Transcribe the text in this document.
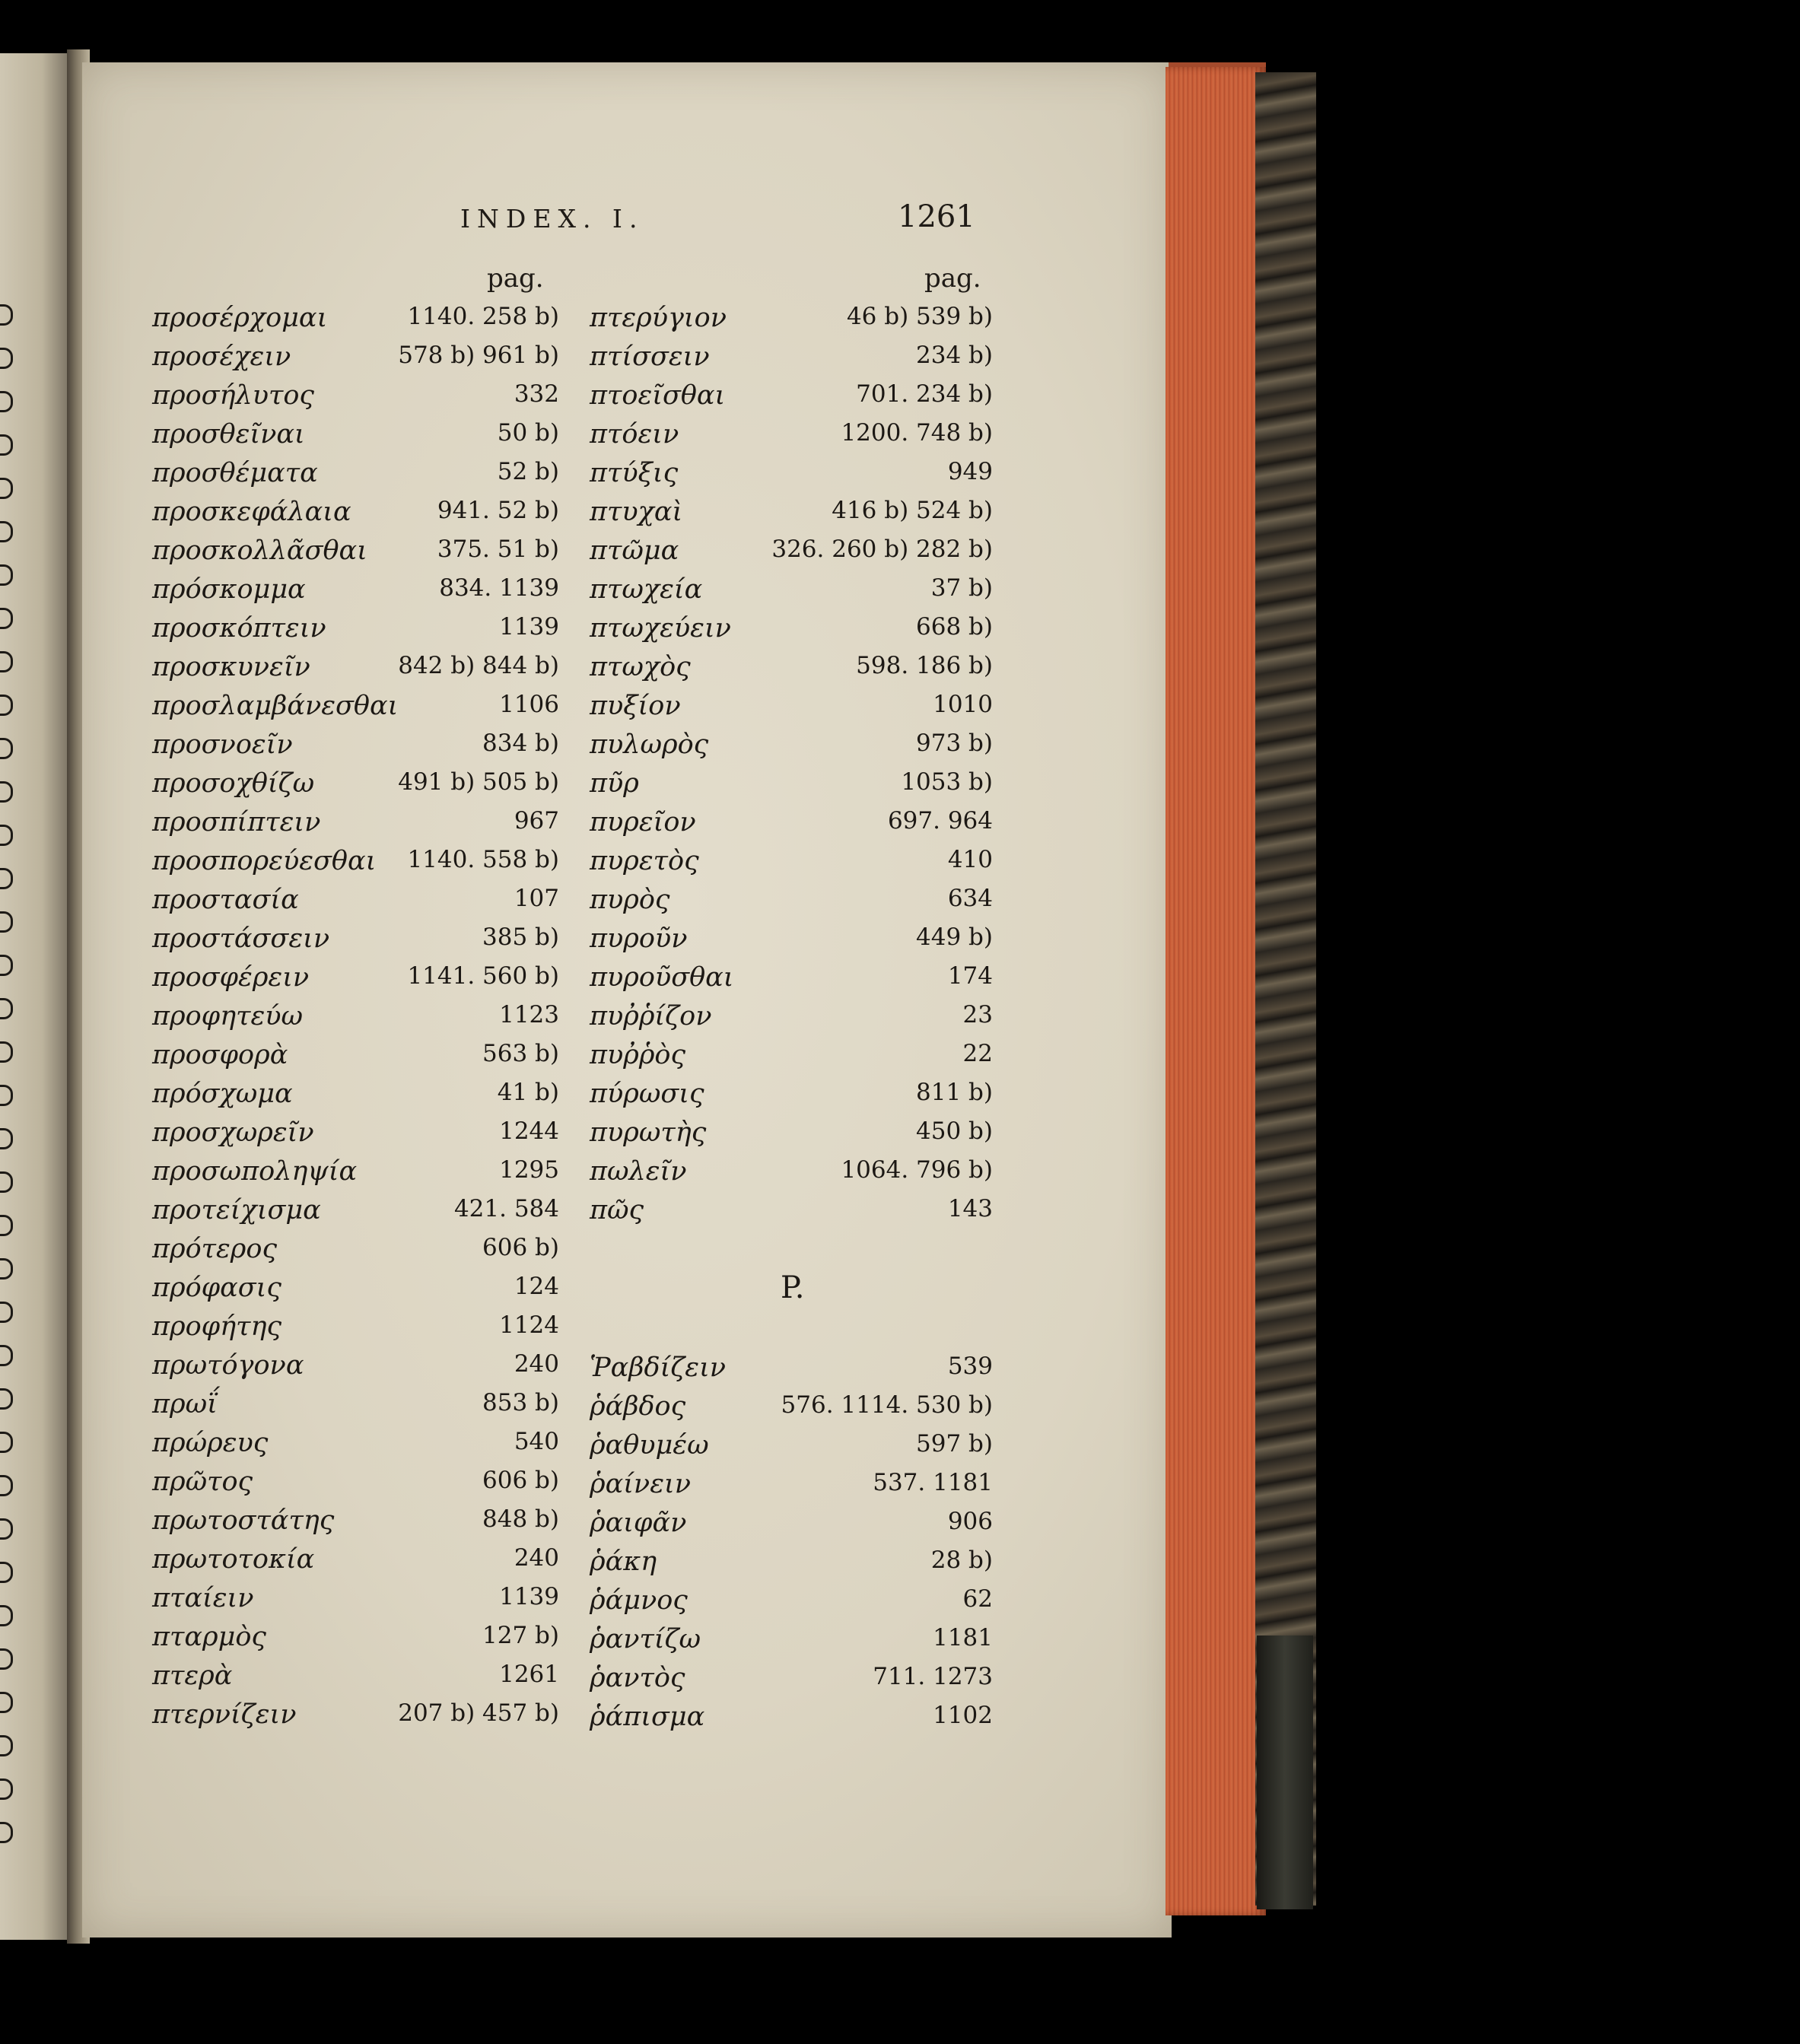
INDEX. I.	1261
pag.	pag.
προσέρχομαι	1140. 258 b)
προσέχειν	578 b) 961 b)
προσήλυτος	332
προσθεῖναι	50 b)
προσθέματα	52 b)
προσκεφάλαια	941. 52 b)
προσκολλᾶσθαι	375. 51 b)
πρόσκομμα	834. 1139
προσκόπτειν	1139
προσκυνεῖν	842 b) 844 b)
προσλαμβάνεσθαι	1106
προσνοεῖν	834 b)
προσοχθίζω	491 b) 505 b)
προσπίπτειν	967
προσπορεύεσθαι 1140. 558 b)
προστασία	107
προστάσσειν	385 b)
προσφέρειν	1141. 560 b)
προφητεύω	1123
προσφορὰ	563 b)
πρόσχωμα	41 b)
προσχωρεῖν	1244
προσωποληψία	1295
προτείχισμα	421. 584
πρότερος	606 b)
πρόφασις	124
προφήτης	1124
πρωτόγονα	240
πρωΐ	853 b)
πρώρευς	540
πρῶτος	606 b)
πρωτοστάτης	848 b)
πρωτοτοκία	240
πταίειν	1139
πταρμὸς	127 b)
πτερὰ	1261
πτερνίζειν	207 b) 457 b)
πτερύγιον	46 b) 539 b)
πτίσσειν	234 b)
πτοεῖσθαι	701. 234 b)
πτόειν	1200. 748 b)
πτύξις	949
πτυχαὶ	416 b) 524 b)
πτῶμα	326. 260 b) 282 b)
πτωχεία	37 b)
πτωχεύειν	668 b)
πτωχὸς	598. 186 b)
πυξίον	1010
πυλωρὸς	973 b)
πῦρ	1053 b)
πυρεῖον	697. 964
πυρετὸς	410
πυρὸς	634
πυροῦν	449 b)
πυροῦσθαι	174
πυῤῥίζον	23
πυῤῥὸς	22
πύρωσις	811 b)
πυρωτὴς	450 b)
πωλεῖν	1064. 796 b)
πῶς	143
P.
Ῥαβδίζειν	539
ῥάβδος	576. 1114. 530 b)
ῥαθυμέω	597 b)
ῥαίνειν	537. 1181
ῥαιφᾶν	906
ῥάκη	28 b)
ῥάμνος	62
ῥαντίζω	1181
ῥαντὸς	711. 1273
ῥάπισμα	1102
